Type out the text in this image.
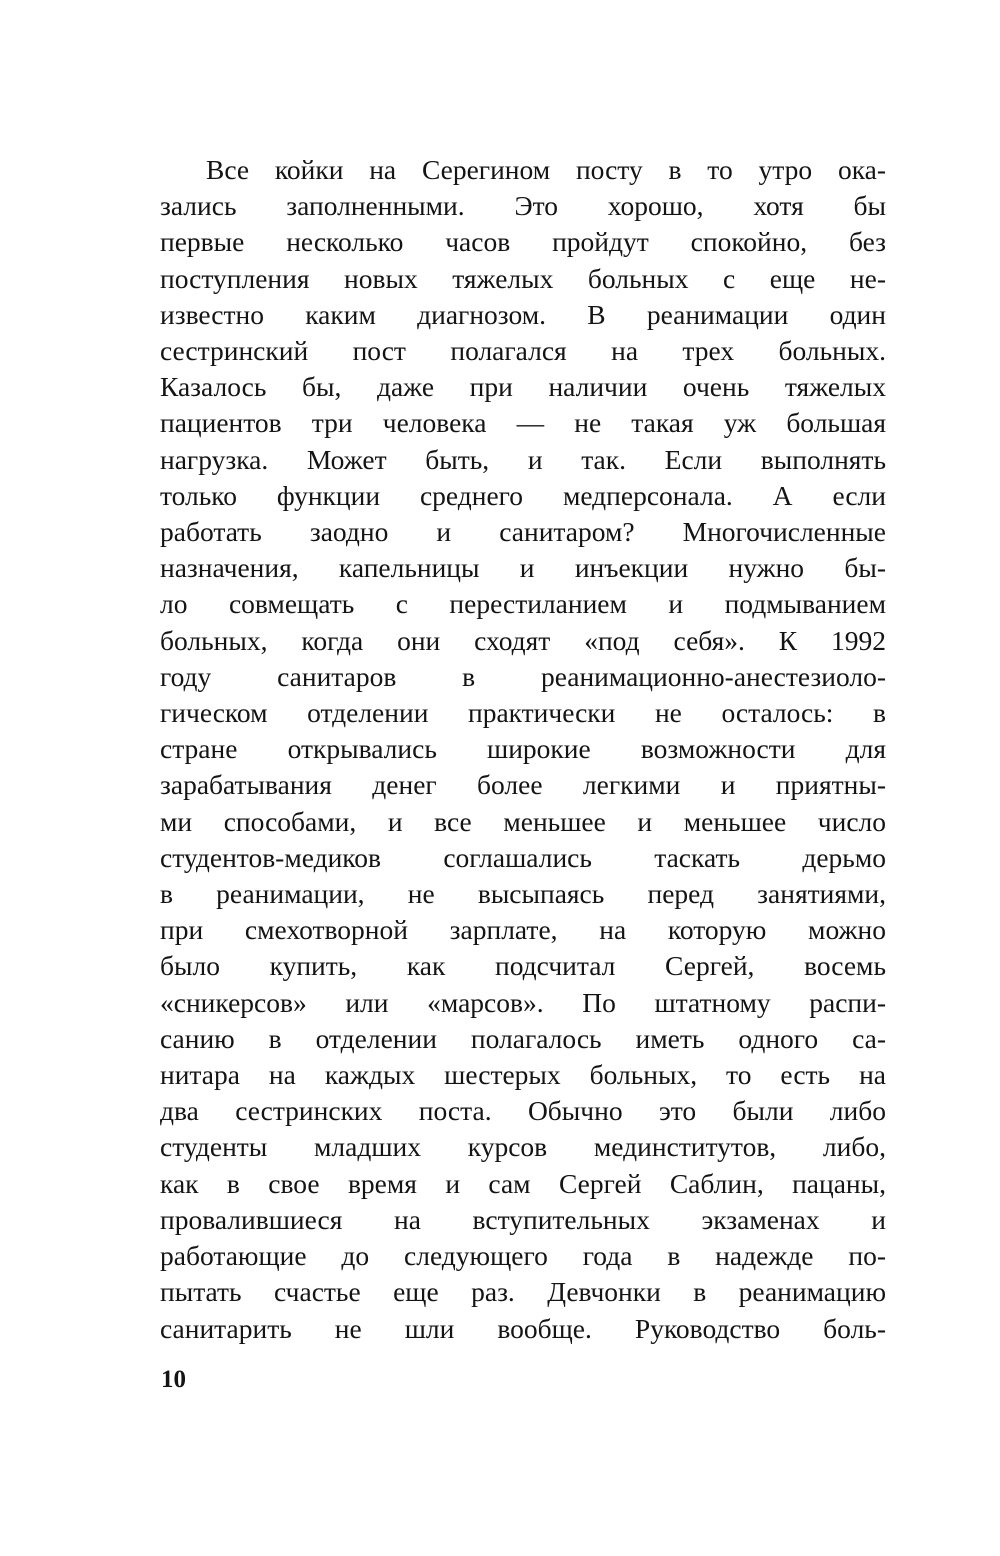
Все койки на Серегином посту в то утро ока-
зались заполненными. Это хорошо, хотя бы
первые несколько часов пройдут спокойно, без
поступления новых тяжелых больных с еще не-
известно каким диагнозом. В реанимации один
сестринский пост полагался на трех больных.
Казалось бы, даже при наличии очень тяжелых
пациентов три человека — не такая уж большая
нагрузка. Может быть, и так. Если выполнять
только функции среднего медперсонала. А если
работать заодно и санитаром? Многочисленные
назначения, капельницы и инъекции нужно бы-
ло совмещать с перестиланием и подмыванием
больных, когда они сходят «под себя». К 1992
году санитаров в реанимационно-анестезиоло-
гическом отделении практически не осталось: в
стране открывались широкие возможности для
зарабатывания денег более легкими и приятны-
ми способами, и все меньшее и меньшее число
студентов-медиков соглашались таскать дерьмо
в реанимации, не высыпаясь перед занятиями,
при смехотворной зарплате, на которую можно
было купить, как подсчитал Сергей, восемь
«сникерсов» или «марсов». По штатному распи-
санию в отделении полагалось иметь одного са-
нитара на каждых шестерых больных, то есть на
два сестринских поста. Обычно это были либо
студенты младших курсов мединститутов, либо,
как в свое время и сам Сергей Саблин, пацаны,
провалившиеся на вступительных экзаменах и
работающие до следующего года в надежде по-
пытать счастье еще раз. Девчонки в реанимацию
санитарить не шли вообще. Руководство боль-
10
